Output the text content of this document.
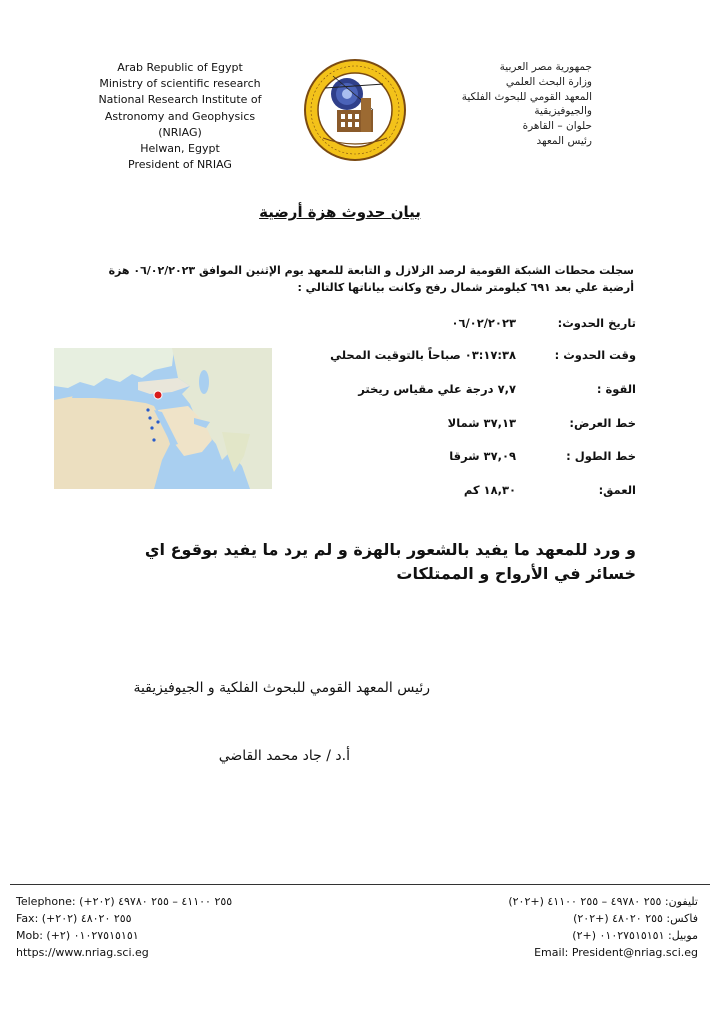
Arab Republic of Egypt
Ministry of scientific research
National Research Institute of
Astronomy and Geophysics
(NRIAG)
Helwan, Egypt
President of NRIAG
جمهورية مصر العربية
وزارة البحث العلمي
المعهد القومي للبحوث الفلكية
والجيوفيزيقية
حلوان – القاهرة
رئيس المعهد
بيان حدوث هزة أرضية
سجلت محطات الشبكة القومية لرصد الزلازل و التابعة للمعهد يوم الإثنين الموافق ٠٦/٠٢/٢٠٢٣ هزة أرضية علي بعد ٦٩١ كيلومتر شمال رفح وكانت بياناتها كالتالي :
تاريخ الحدوث:
٠٦/٠٢/٢٠٢٣
وقت الحدوث :
٠٣:١٧:٣٨ صباحاً بالتوقيت المحلي
القوة :
٧,٧ درجة علي مقياس ريختر
خط العرض:
٣٧,١٣ شمالا
خط الطول :
٣٧,٠٩ شرقا
العمق:
١٨,٣٠ كم
و ورد للمعهد ما يفيد بالشعور بالهزة و لم يرد ما يفيد بوقوع اي خسائر في الأرواح و الممتلكات
رئيس المعهد القومي للبحوث الفلكية و الجيوفيزيقية
أ.د / جاد محمد القاضي
Telephone: (+٢٠٢) ٢٥٥ ٤١١٠٠ – ٢٥٥ ٤٩٧٨٠
Fax: (+٢٠٢) ٢٥٥ ٤٨٠٢٠
Mob: (+٢) ٠١٠٢٧٥١٥١٥١
https://www.nriag.sci.eg
تليفون: ٢٥٥ ٤٩٧٨٠ – ٢٥٥ ٤١١٠٠ (+٢٠٢)
فاكس: ٢٥٥ ٤٨٠٢٠ (+٢٠٢)
موبيل: ٠١٠٢٧٥١٥١٥١ (+٢)
Email: President@nriag.sci.eg
